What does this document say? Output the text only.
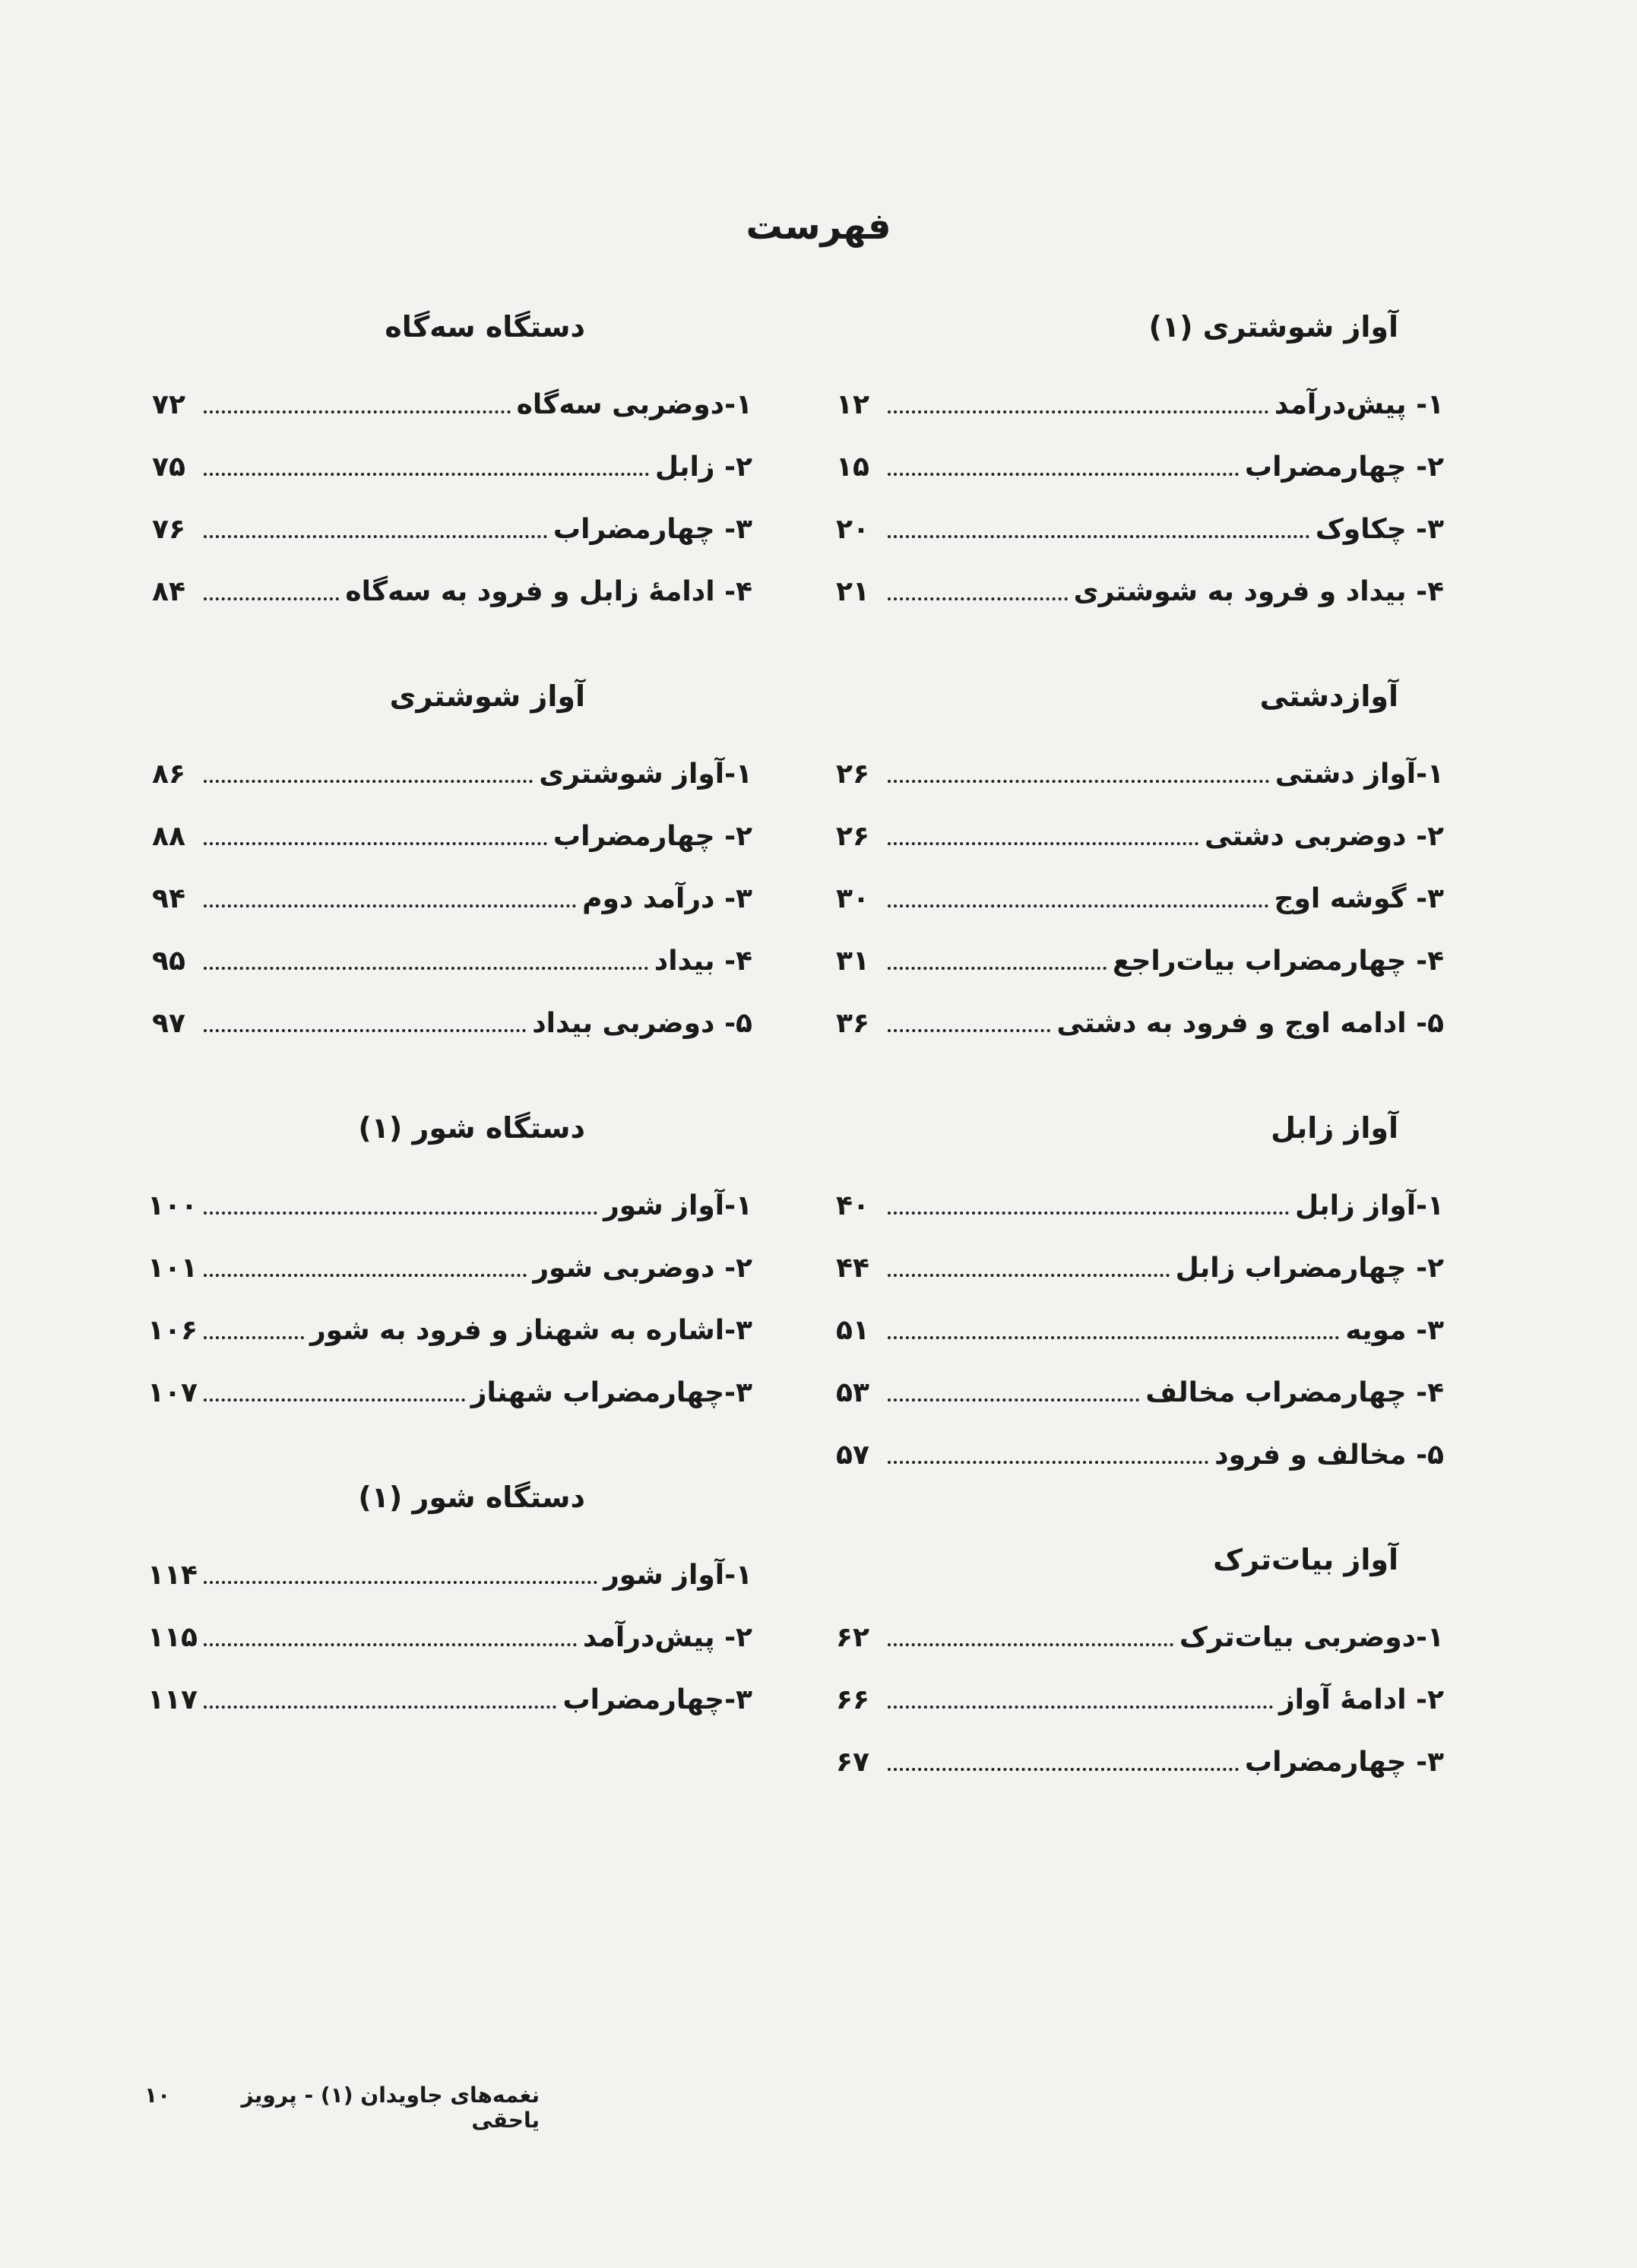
فهرست
آواز شوشتری (۱)
۱- پیش‌درآمد
۱۲
۲- چهارمضراب
۱۵
۳- چکاوک
۲۰
۴- بیداد و فرود به شوشتری
۲۱
آوازدشتی
۱-آواز دشتی
۲۶
۲- دوضربی دشتی
۲۶
۳- گوشه اوج
۳۰
۴- چهارمضراب بیات‌راجع
۳۱
۵- ادامه اوج و فرود به دشتی
۳۶
آواز زابل
۱-آواز زابل
۴۰
۲- چهارمضراب زابل
۴۴
۳- مویه
۵۱
۴- چهارمضراب مخالف
۵۳
۵- مخالف و فرود
۵۷
آواز بیات‌ترک
۱-دوضربی بیات‌ترک
۶۲
۲- ادامهٔ آواز
۶۶
۳- چهارمضراب
۶۷
دستگاه سه‌گاه
۱-دوضربی سه‌گاه
۷۲
۲- زابل
۷۵
۳- چهارمضراب
۷۶
۴- ادامهٔ زابل و فرود به سه‌گاه
۸۴
آواز شوشتری
۱-آواز شوشتری
۸۶
۲- چهارمضراب
۸۸
۳- درآمد دوم
۹۴
۴- بیداد
۹۵
۵- دوضربی بیداد
۹۷
دستگاه شور (۱)
۱-آواز شور
۱۰۰
۲- دوضربی شور
۱۰۱
۳-اشاره به شهناز و فرود به شور
۱۰۶
۳-چهارمضراب شهناز
۱۰۷
دستگاه شور (۱)
۱-آواز شور
۱۱۴
۲- پیش‌درآمد
۱۱۵
۳-چهارمضراب
۱۱۷
نغمه‌های جاویدان (۱) - پرویز یاحقی
۱۰
